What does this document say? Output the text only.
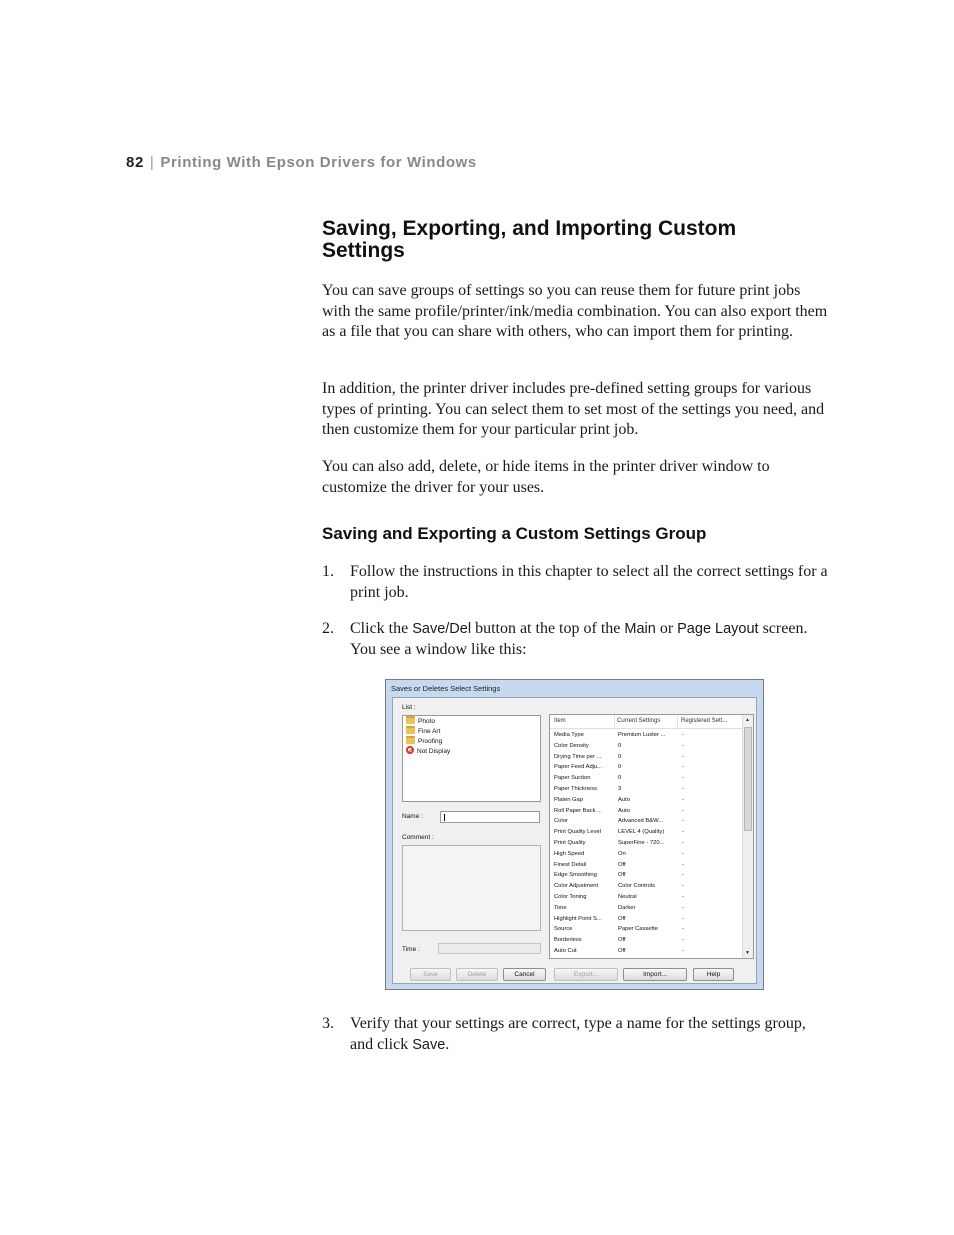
82 | Printing With Epson Drivers for Windows
Saving, Exporting, and Importing Custom Settings

You can save groups of settings so you can reuse them for future print jobs with the same profile/printer/ink/media combination. You can also export them as a file that you can share with others, who can import them for printing.

In addition, the printer driver includes pre-defined setting groups for various types of printing. You can select them to set most of the settings you need, and then customize them for your particular print job.

You can also add, delete, or hide items in the printer driver window to customize the driver for your uses.

Saving and Exporting a Custom Settings Group
1. Follow the instructions in this chapter to select all the correct settings for a print job.
2. Click the Save/Del button at the top of the Main or Page Layout screen. You see a window like this:
Saves or Deletes Select Settings
List :
Photo
Fine Art
Proofing
Not Display
Name :
Comment :
Time :
Item	Current Settings	Registered Sett...
Media Type	Premium Luster ...	-
Color Density	0	-
Drying Time per ...	0	-
Paper Feed Adju...	0	-
Paper Suction	0	-
Paper Thickness	3	-
Platen Gap	Auto	-
Roll Paper Back ...	Auto	-
Color	Advanced B&W...	-
Print Quality Level	LEVEL 4 (Quality)	-
Print Quality	SuperFine - 720...	-
High Speed	On	-
Finest Detail	Off	-
Edge Smoothing	Off	-
Color Adjustment	Color Controls	-
Color Toning	Neutral	-
Tone	Darker	-
Highlight Point S...	Off	-
Source	Paper Cassette	-
Borderless	Off	-
Auto Cut	Off	-
▲
▼
Save	Delete	Cancel	Export...	Import...	Help
3. Verify that your settings are correct, type a name for the settings group, and click Save.
